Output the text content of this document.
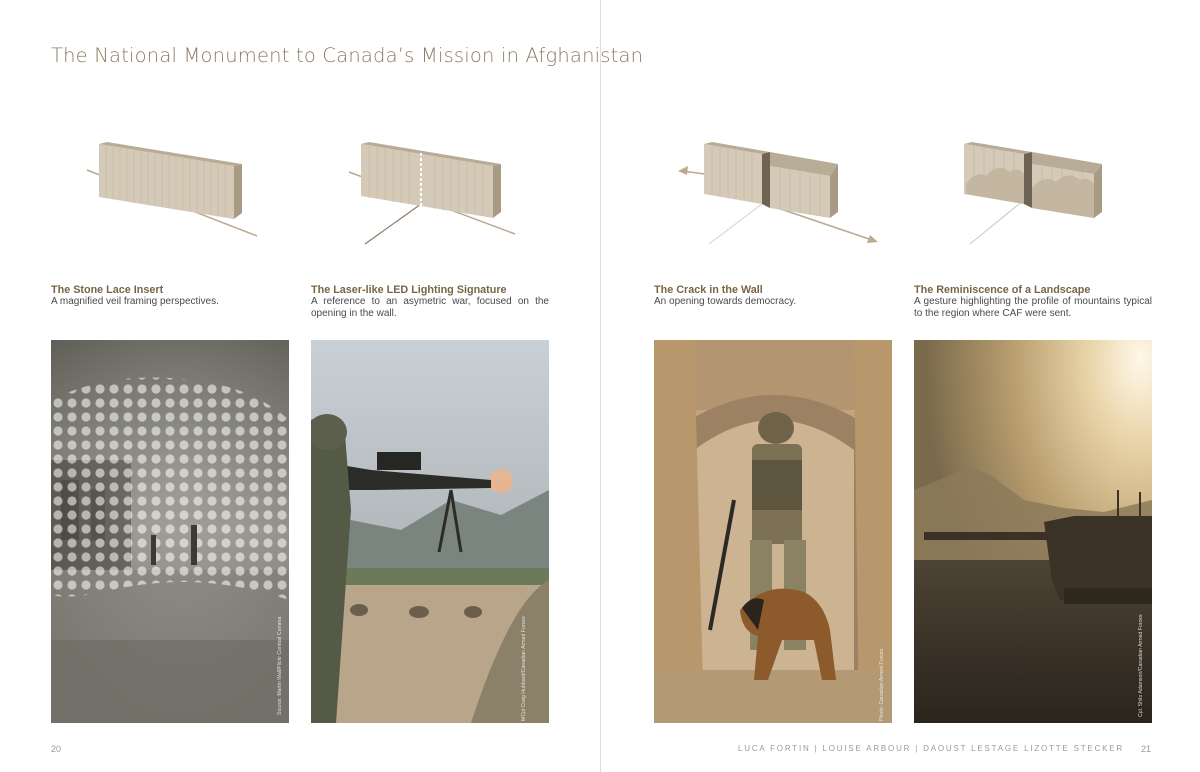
The National Monument to Canada’s Mission in Afghanistan
The Stone Lace Insert
A magnified veil framing perspectives.
The Laser-like LED Lighting Signature
A reference to an asymetric war, focused on the opening in the wall.
The Crack in the Wall
An opening towards democracy.
The Reminiscence of a Landscape
A gesture highlighting the profile of mountains typical to the region where CAF were sent.
Source: Martin Wall/Flickr Combat Camera	MCpl Craig Hubbard/Canadian Armed Forces	Photo: Canadian Armed Forces	Cpl. Shilo Adamson/Canadian Armed Forces
20	LUCA FORTIN | LOUISE ARBOUR | DAOUST LESTAGE LIZOTTE STECKER 21
